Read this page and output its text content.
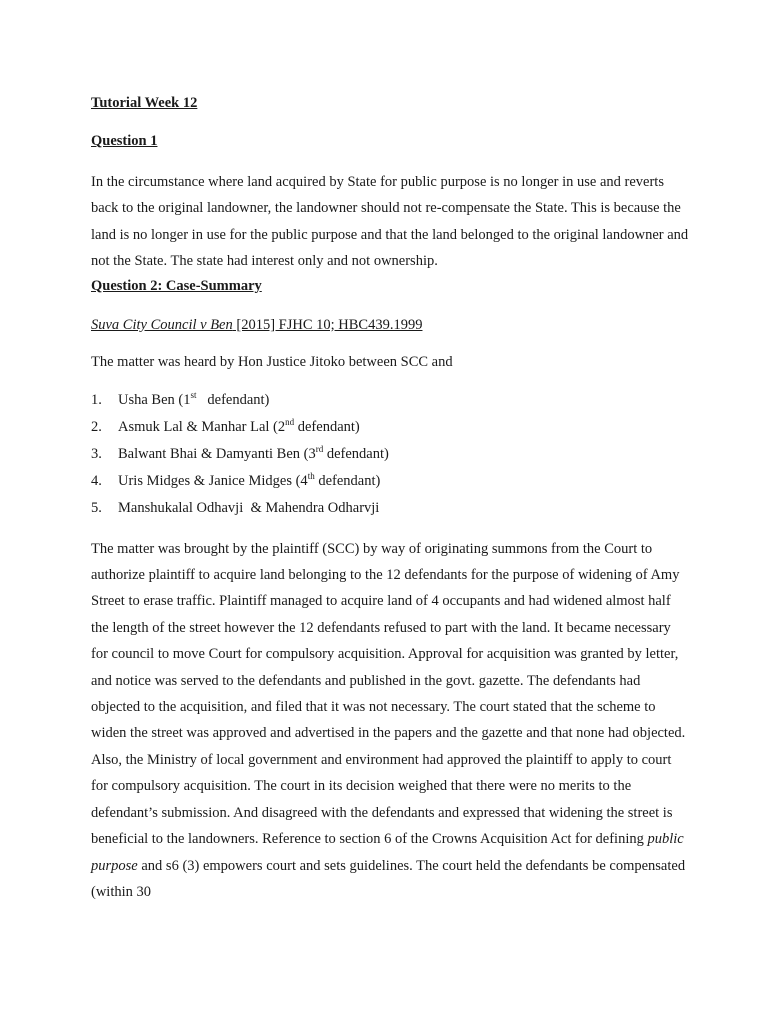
Tutorial Week 12
Question 1

In the circumstance where land acquired by State for public purpose is no longer in use and reverts back to the original landowner, the landowner should not re-compensate the State. This is because the land is no longer in use for the public purpose and that the land belonged to the original landowner and not the State. The state had interest only and not ownership.

Question 2: Case-Summary

Suva City Council v Ben [2015] FJHC 10; HBC439.1999

The matter was heard by Hon Justice Jitoko between SCC and

1. Usha Ben (1st   defendant)
2. Asmuk Lal & Manhar Lal (2nd defendant)
3. Balwant Bhai & Damyanti Ben (3rd defendant)
4. Uris Midges & Janice Midges (4th defendant)
5. Manshukalal Odhavji  & Mahendra Odharvji

The matter was brought by the plaintiff (SCC) by way of originating summons from the Court to authorize plaintiff to acquire land belonging to the 12 defendants for the purpose of widening of Amy Street to erase traffic. Plaintiff managed to acquire land of 4 occupants and had widened almost half the length of the street however the 12 defendants refused to part with the land. It became necessary for council to move Court for compulsory acquisition. Approval for acquisition was granted by letter, and notice was served to the defendants and published in the govt. gazette. The defendants had objected to the acquisition, and filed that it was not necessary. The court stated that the scheme to widen the street was approved and advertised in the papers and the gazette and that none had objected. Also, the Ministry of local government and environment had approved the plaintiff to apply to court for compulsory acquisition. The court in its decision weighed that there were no merits to the defendant’s submission. And disagreed with the defendants and expressed that widening the street is beneficial to the landowners. Reference to section 6 of the Crowns Acquisition Act for defining public purpose and s6 (3) empowers court and sets guidelines. The court held the defendants be compensated (within 30
